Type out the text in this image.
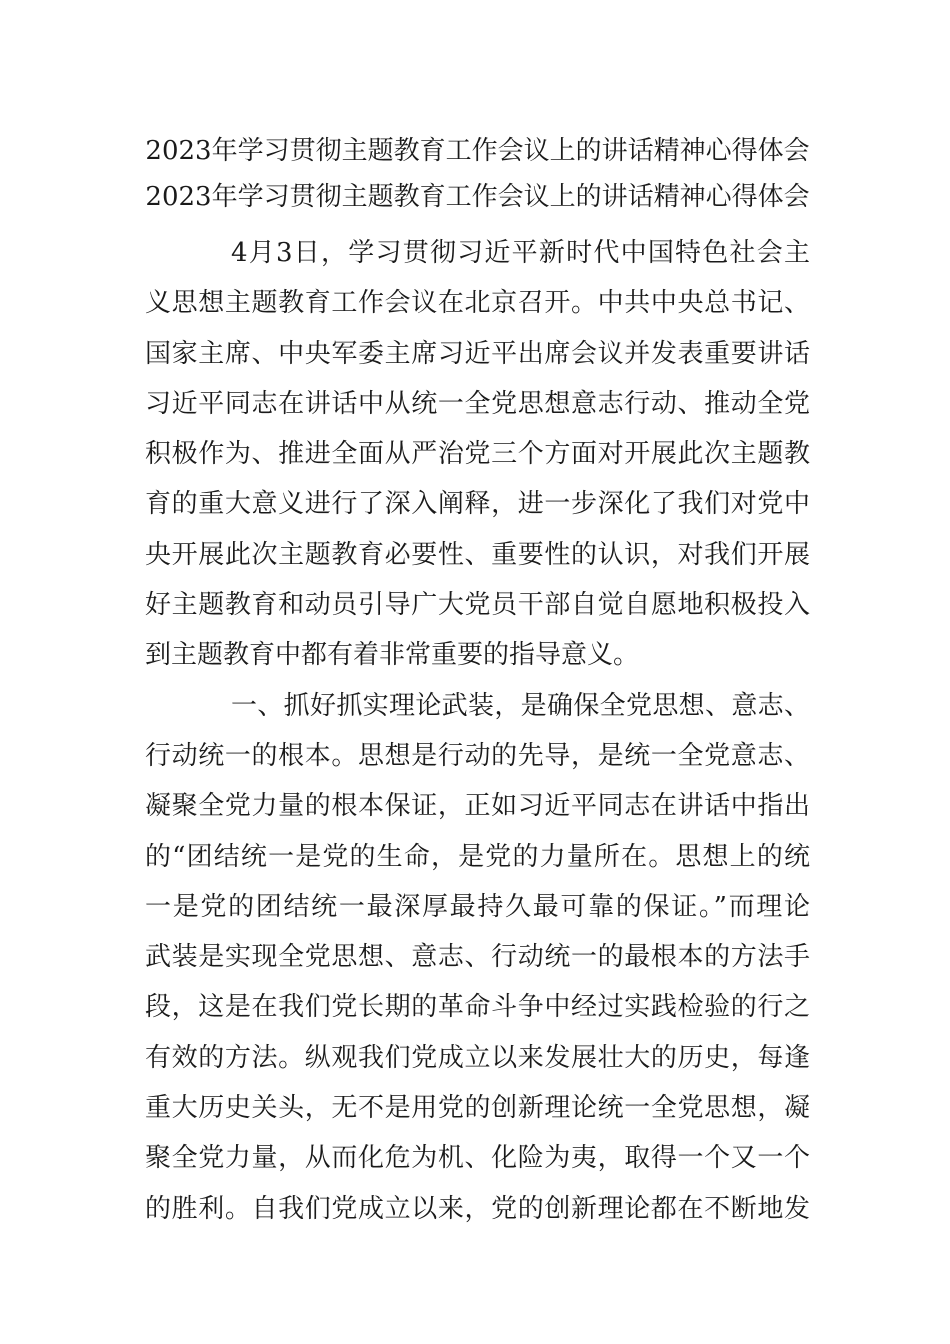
2023年学习贯彻主题教育工作会议上的讲话精神心得体会
2023年学习贯彻主题教育工作会议上的讲话精神心得体会
4月3日，学习贯彻习近平新时代中国特色社会主
义思想主题教育工作会议在北京召开。中共中央总书记、
国家主席、中央军委主席习近平出席会议并发表重要讲话
习近平同志在讲话中从统一全党思想意志行动、推动全党
积极作为、推进全面从严治党三个方面对开展此次主题教
育的重大意义进行了深入阐释，进一步深化了我们对党中
央开展此次主题教育必要性、重要性的认识，对我们开展
好主题教育和动员引导广大党员干部自觉自愿地积极投入
到主题教育中都有着非常重要的指导意义。
一、抓好抓实理论武装，是确保全党思想、意志、
行动统一的根本。思想是行动的先导，是统一全党意志、
凝聚全党力量的根本保证，正如习近平同志在讲话中指出
的“团结统一是党的生命，是党的力量所在。思想上的统
一是党的团结统一最深厚最持久最可靠的保证。”而理论
武装是实现全党思想、意志、行动统一的最根本的方法手
段，这是在我们党长期的革命斗争中经过实践检验的行之
有效的方法。纵观我们党成立以来发展壮大的历史，每逢
重大历史关头，无不是用党的创新理论统一全党思想，凝
聚全党力量，从而化危为机、化险为夷，取得一个又一个
的胜利。自我们党成立以来，党的创新理论都在不断地发
